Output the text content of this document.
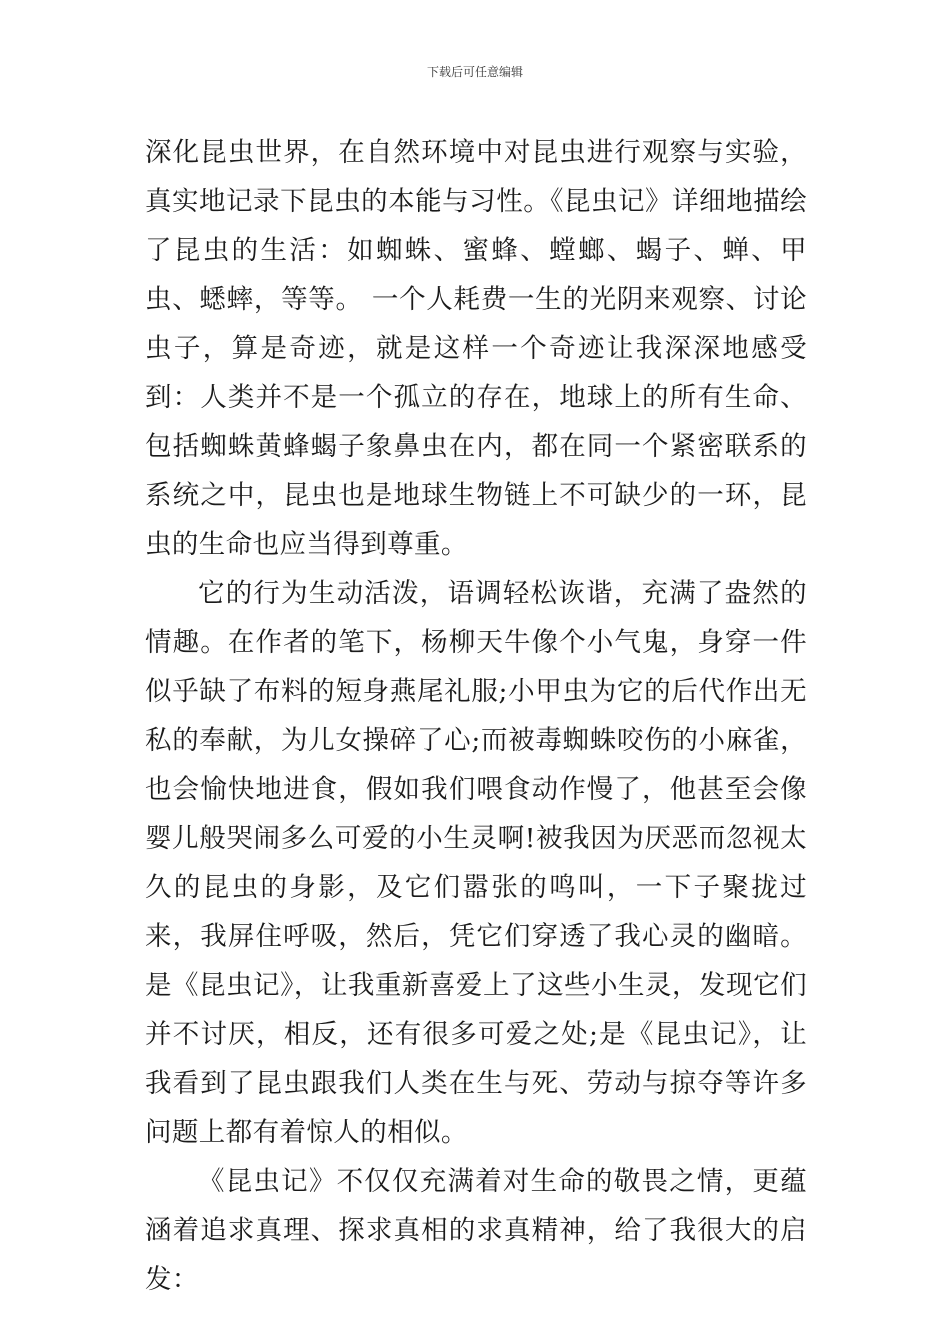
下载后可任意编辑

深化昆虫世界，在自然环境中对昆虫进行观察与实验，真实地记录下昆虫的本能与习性。《昆虫记》详细地描绘了昆虫的生活：如蜘蛛、蜜蜂、螳螂、蝎子、蝉、甲虫、蟋蟀，等等。 一个人耗费一生的光阴来观察、讨论虫子，算是奇迹，就是这样一个奇迹让我深深地感受到：人类并不是一个孤立的存在，地球上的所有生命、包括蜘蛛黄蜂蝎子象鼻虫在内，都在同一个紧密联系的系统之中，昆虫也是地球生物链上不可缺少的一环，昆虫的生命也应当得到尊重。

它的行为生动活泼，语调轻松诙谐，充满了盎然的情趣。在作者的笔下，杨柳天牛像个小气鬼，身穿一件似乎缺了布料的短身燕尾礼服;小甲虫为它的后代作出无私的奉献，为儿女操碎了心;而被毒蜘蛛咬伤的小麻雀，也会愉快地进食，假如我们喂食动作慢了，他甚至会像婴儿般哭闹多么可爱的小生灵啊!被我因为厌恶而忽视太久的昆虫的身影，及它们嚣张的鸣叫，一下子聚拢过来，我屏住呼吸，然后，凭它们穿透了我心灵的幽暗。是《昆虫记》，让我重新喜爱上了这些小生灵，发现它们并不讨厌，相反，还有很多可爱之处;是《昆虫记》，让我看到了昆虫跟我们人类在生与死、劳动与掠夺等许多问题上都有着惊人的相似。

《昆虫记》不仅仅充满着对生命的敬畏之情，更蕴涵着追求真理、探求真相的求真精神，给了我很大的启发：
